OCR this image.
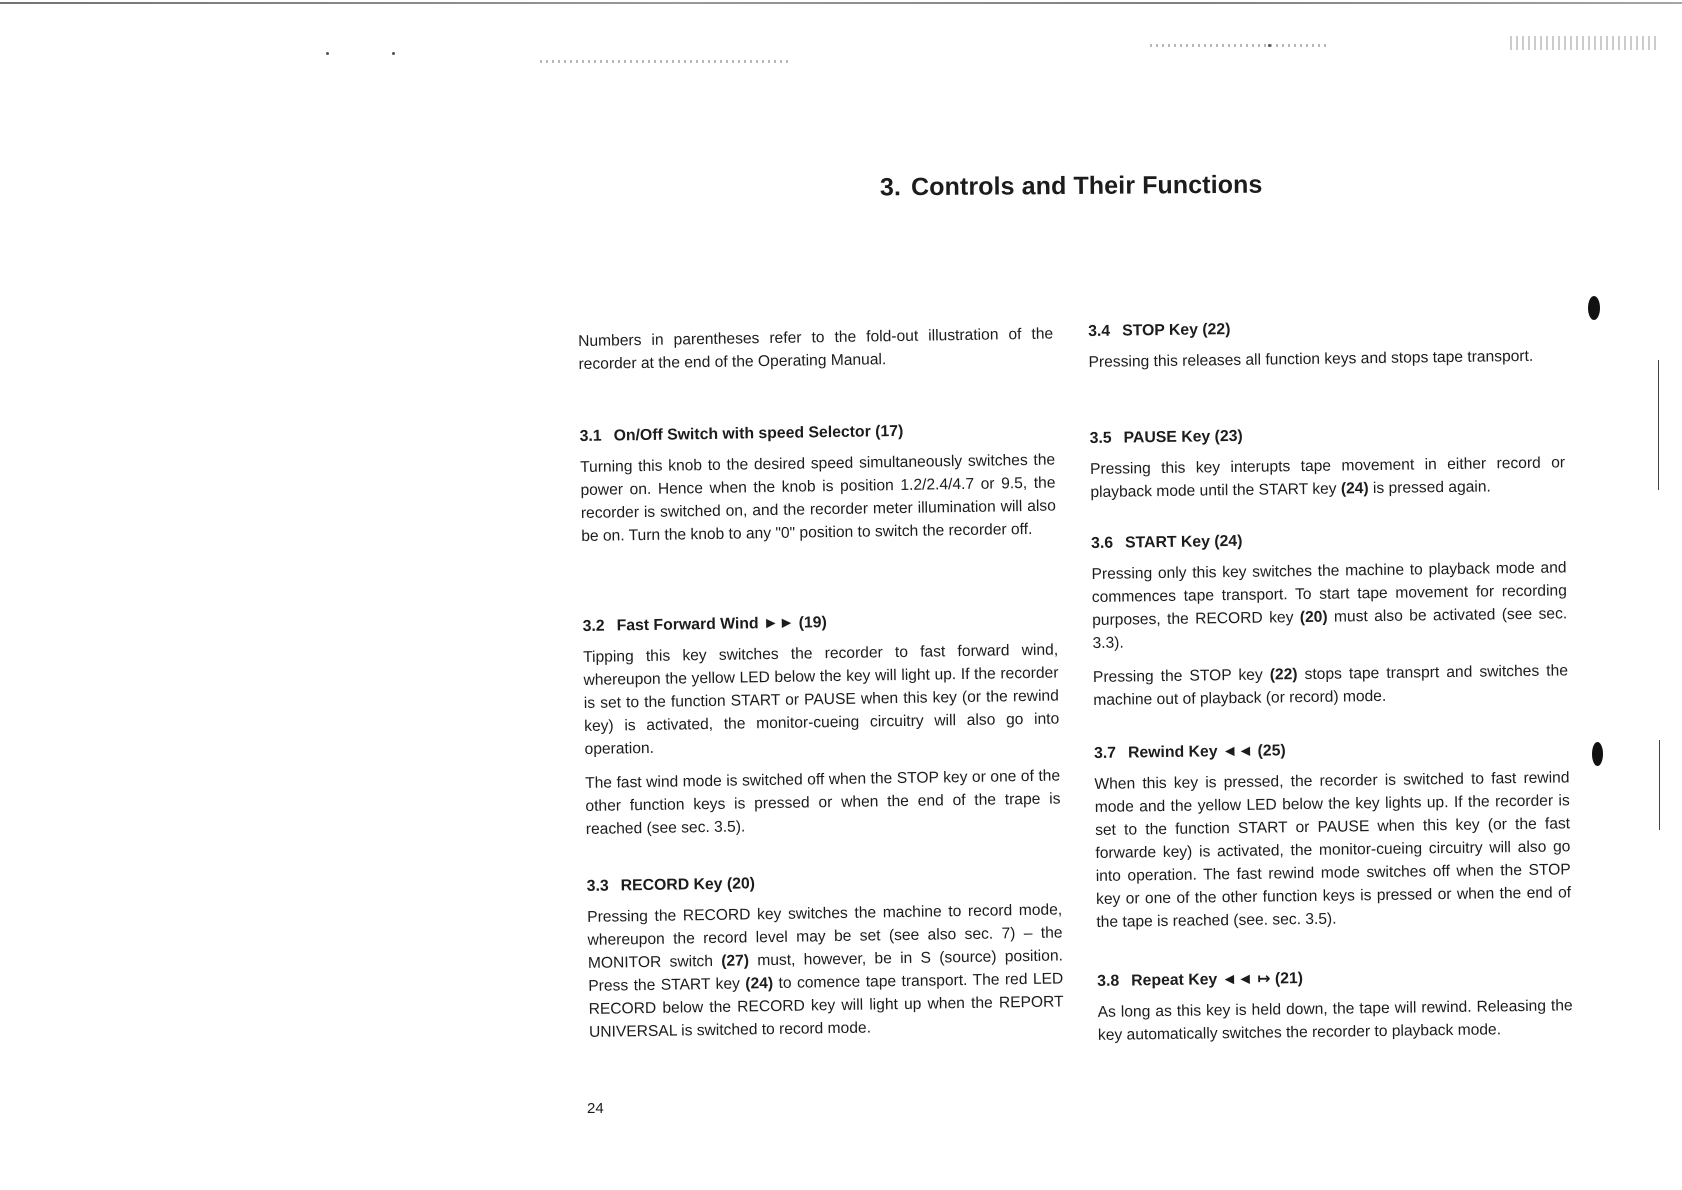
3. Controls and Their Functions

Numbers in parentheses refer to the fold-out illustration of the recorder at the end of the Operating Manual.

3.1 On/Off Switch with speed Selector (17)

Turning this knob to the desired speed simultaneously switches the power on. Hence when the knob is position 1.2/2.4/4.7 or 9.5, the recorder is switched on, and the recorder meter illumination will also be on. Turn the knob to any "0" position to switch the recorder off.

3.2 Fast Forward Wind ►► (19)

Tipping this key switches the recorder to fast forward wind, whereupon the yellow LED below the key will light up. If the recorder is set to the function START or PAUSE when this key (or the rewind key) is activated, the monitor-cueing circuitry will also go into operation.

The fast wind mode is switched off when the STOP key or one of the other function keys is pressed or when the end of the trape is reached (see sec. 3.5).

3.3 RECORD Key (20)

Pressing the RECORD key switches the machine to record mode, whereupon the record level may be set (see also sec. 7) – the MONITOR switch (27) must, however, be in S (source) position. Press the START key (24) to comence tape transport. The red LED RECORD below the RECORD key will light up when the REPORT UNIVERSAL is switched to record mode.

3.4 STOP Key (22)

Pressing this releases all function keys and stops tape transport.

3.5 PAUSE Key (23)

Pressing this key interupts tape movement in either record or playback mode until the START key (24) is pressed again.

3.6 START Key (24)

Pressing only this key switches the machine to playback mode and commences tape transport. To start tape movement for recording purposes, the RECORD key (20) must also be activated (see sec. 3.3).

Pressing the STOP key (22) stops tape transprt and switches the machine out of playback (or record) mode.

3.7 Rewind Key ◄◄ (25)

When this key is pressed, the recorder is switched to fast rewind mode and the yellow LED below the key lights up. If the recorder is set to the function START or PAUSE when this key (or the fast forwarde key) is activated, the monitor-cueing circuitry will also go into operation. The fast rewind mode switches off when the STOP key or one of the other function keys is pressed or when the end of the tape is reached (see. sec. 3.5).

3.8 Repeat Key ◄◄ ↦ (21)

As long as this key is held down, the tape will rewind. Releasing the key automatically switches the recorder to playback mode.

24
